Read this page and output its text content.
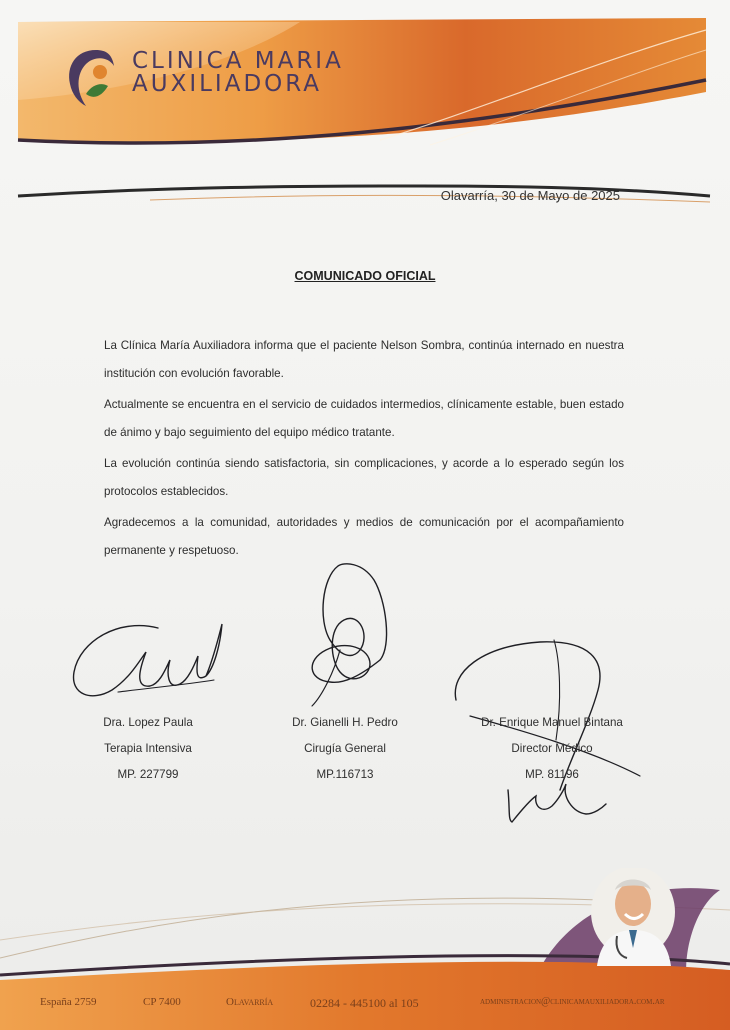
CLINICA MARIA
AUXILIADORA
Olavarría, 30 de Mayo de 2025
COMUNICADO OFICIAL

La Clínica María Auxiliadora informa que el paciente Nelson Sombra, continúa internado en nuestra institución con evolución favorable.

Actualmente se encuentra en el servicio de cuidados intermedios, clínicamente estable, buen estado de ánimo y bajo seguimiento del equipo médico tratante.

La evolución continúa siendo satisfactoria, sin complicaciones, y acorde a lo esperado según los protocolos establecidos.

Agradecemos a la comunidad, autoridades y medios de comunicación por el acompañamiento permanente y respetuoso.

Dra. Lopez Paula
Terapia Intensiva
MP. 227799
Dr. Gianelli H. Pedro
Cirugía General
MP.116713
Dr. Enrique Manuel Bintana
Director Médico
MP. 81196
España 2759	CP 7400	Olavarría	02284 - 445100 al 105	administracion@clinicamauxiliadora.com.ar
